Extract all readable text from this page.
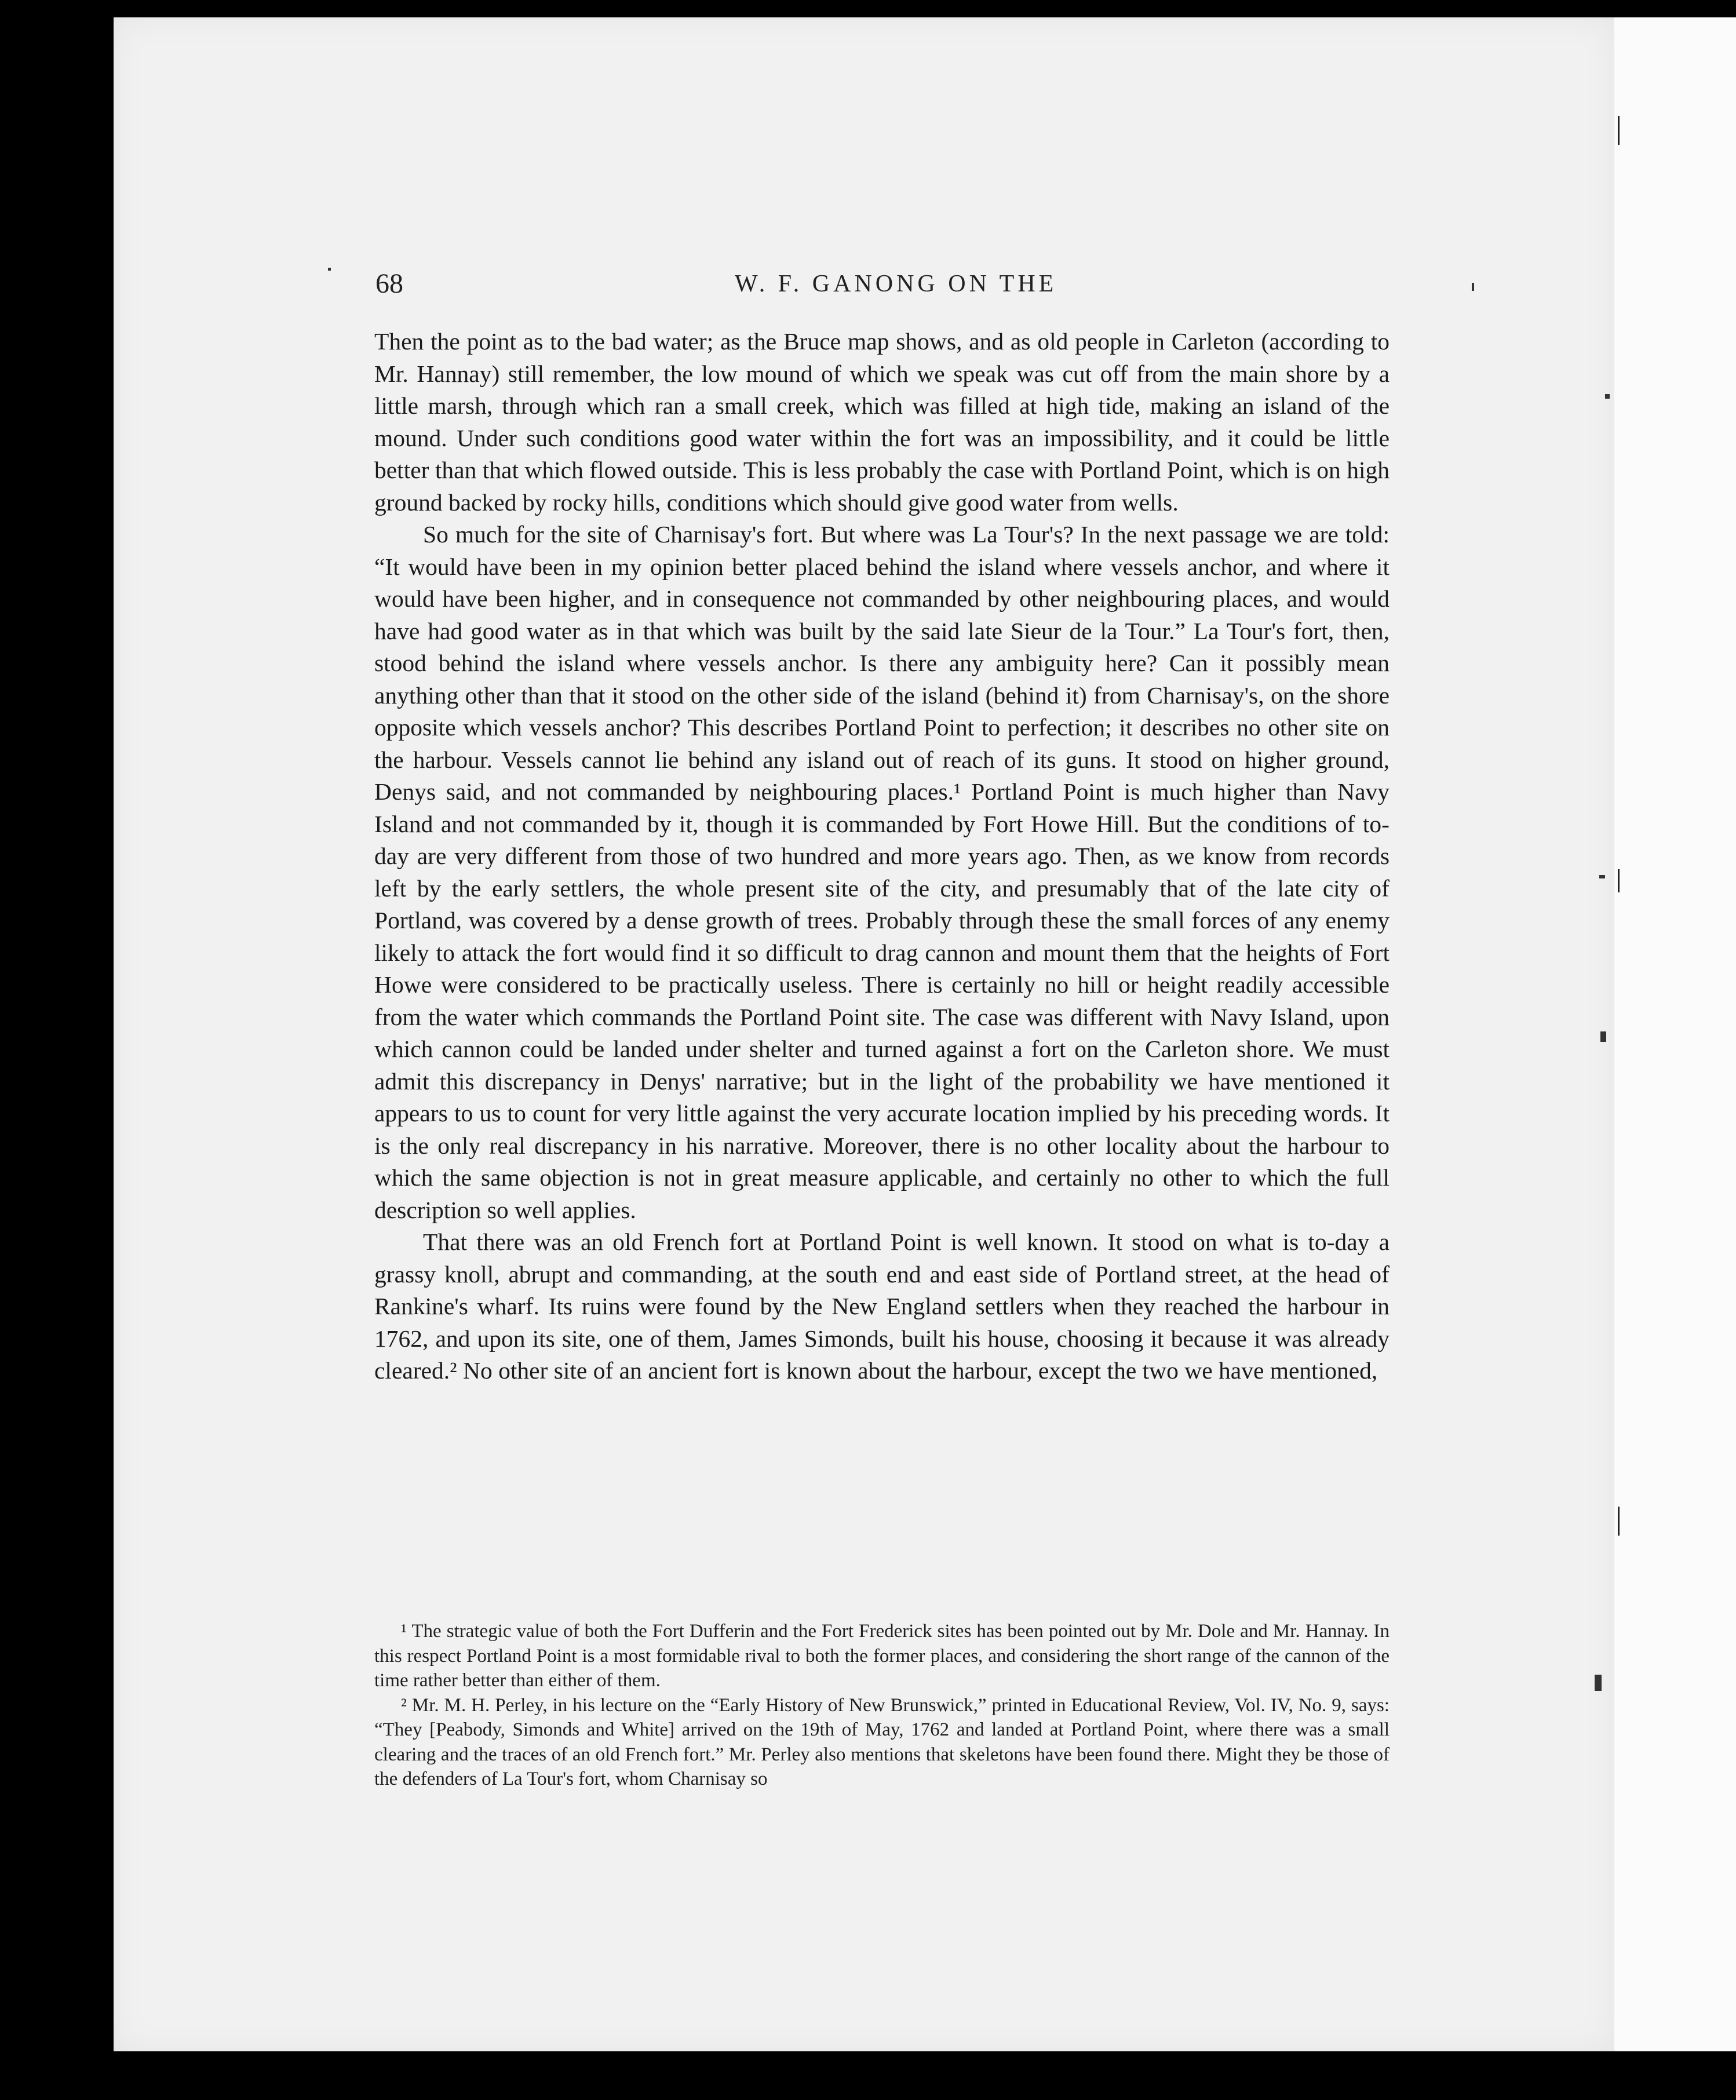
68	W. F. GANONG ON THE

Then the point as to the bad water; as the Bruce map shows, and as old people in Carleton (according to Mr. Hannay) still remember, the low mound of which we speak was cut off from the main shore by a little marsh, through which ran a small creek, which was filled at high tide, making an island of the mound. Under such conditions good water within the fort was an impossibility, and it could be little better than that which flowed outside. This is less probably the case with Portland Point, which is on high ground backed by rocky hills, conditions which should give good water from wells.

So much for the site of Charnisay's fort. But where was La Tour's? In the next passage we are told: “It would have been in my opinion better placed behind the island where vessels anchor, and where it would have been higher, and in consequence not commanded by other neighbouring places, and would have had good water as in that which was built by the said late Sieur de la Tour.” La Tour's fort, then, stood behind the island where vessels anchor. Is there any ambiguity here? Can it possibly mean anything other than that it stood on the other side of the island (behind it) from Charnisay's, on the shore opposite which vessels anchor? This describes Portland Point to perfection; it describes no other site on the harbour. Vessels cannot lie behind any island out of reach of its guns. It stood on higher ground, Denys said, and not commanded by neighbouring places.¹ Portland Point is much higher than Navy Island and not commanded by it, though it is commanded by Fort Howe Hill. But the conditions of to-day are very different from those of two hundred and more years ago. Then, as we know from records left by the early settlers, the whole present site of the city, and presumably that of the late city of Portland, was covered by a dense growth of trees. Probably through these the small forces of any enemy likely to attack the fort would find it so difficult to drag cannon and mount them that the heights of Fort Howe were considered to be practically useless. There is certainly no hill or height readily accessible from the water which commands the Portland Point site. The case was different with Navy Island, upon which cannon could be landed under shelter and turned against a fort on the Carleton shore. We must admit this discrepancy in Denys' narrative; but in the light of the probability we have mentioned it appears to us to count for very little against the very accurate location implied by his preceding words. It is the only real discrepancy in his narrative. Moreover, there is no other locality about the harbour to which the same objection is not in great measure applicable, and certainly no other to which the full description so well applies.

That there was an old French fort at Portland Point is well known. It stood on what is to-day a grassy knoll, abrupt and commanding, at the south end and east side of Portland street, at the head of Rankine's wharf. Its ruins were found by the New England settlers when they reached the harbour in 1762, and upon its site, one of them, James Simonds, built his house, choosing it because it was already cleared.² No other site of an ancient fort is known about the harbour, except the two we have mentioned,

¹ The strategic value of both the Fort Dufferin and the Fort Frederick sites has been pointed out by Mr. Dole and Mr. Hannay. In this respect Portland Point is a most formidable rival to both the former places, and considering the short range of the cannon of the time rather better than either of them.

² Mr. M. H. Perley, in his lecture on the “Early History of New Brunswick,” printed in Educational Review, Vol. IV, No. 9, says: “They [Peabody, Simonds and White] arrived on the 19th of May, 1762 and landed at Portland Point, where there was a small clearing and the traces of an old French fort.” Mr. Perley also mentions that skeletons have been found there. Might they be those of the defenders of La Tour's fort, whom Charnisay so
